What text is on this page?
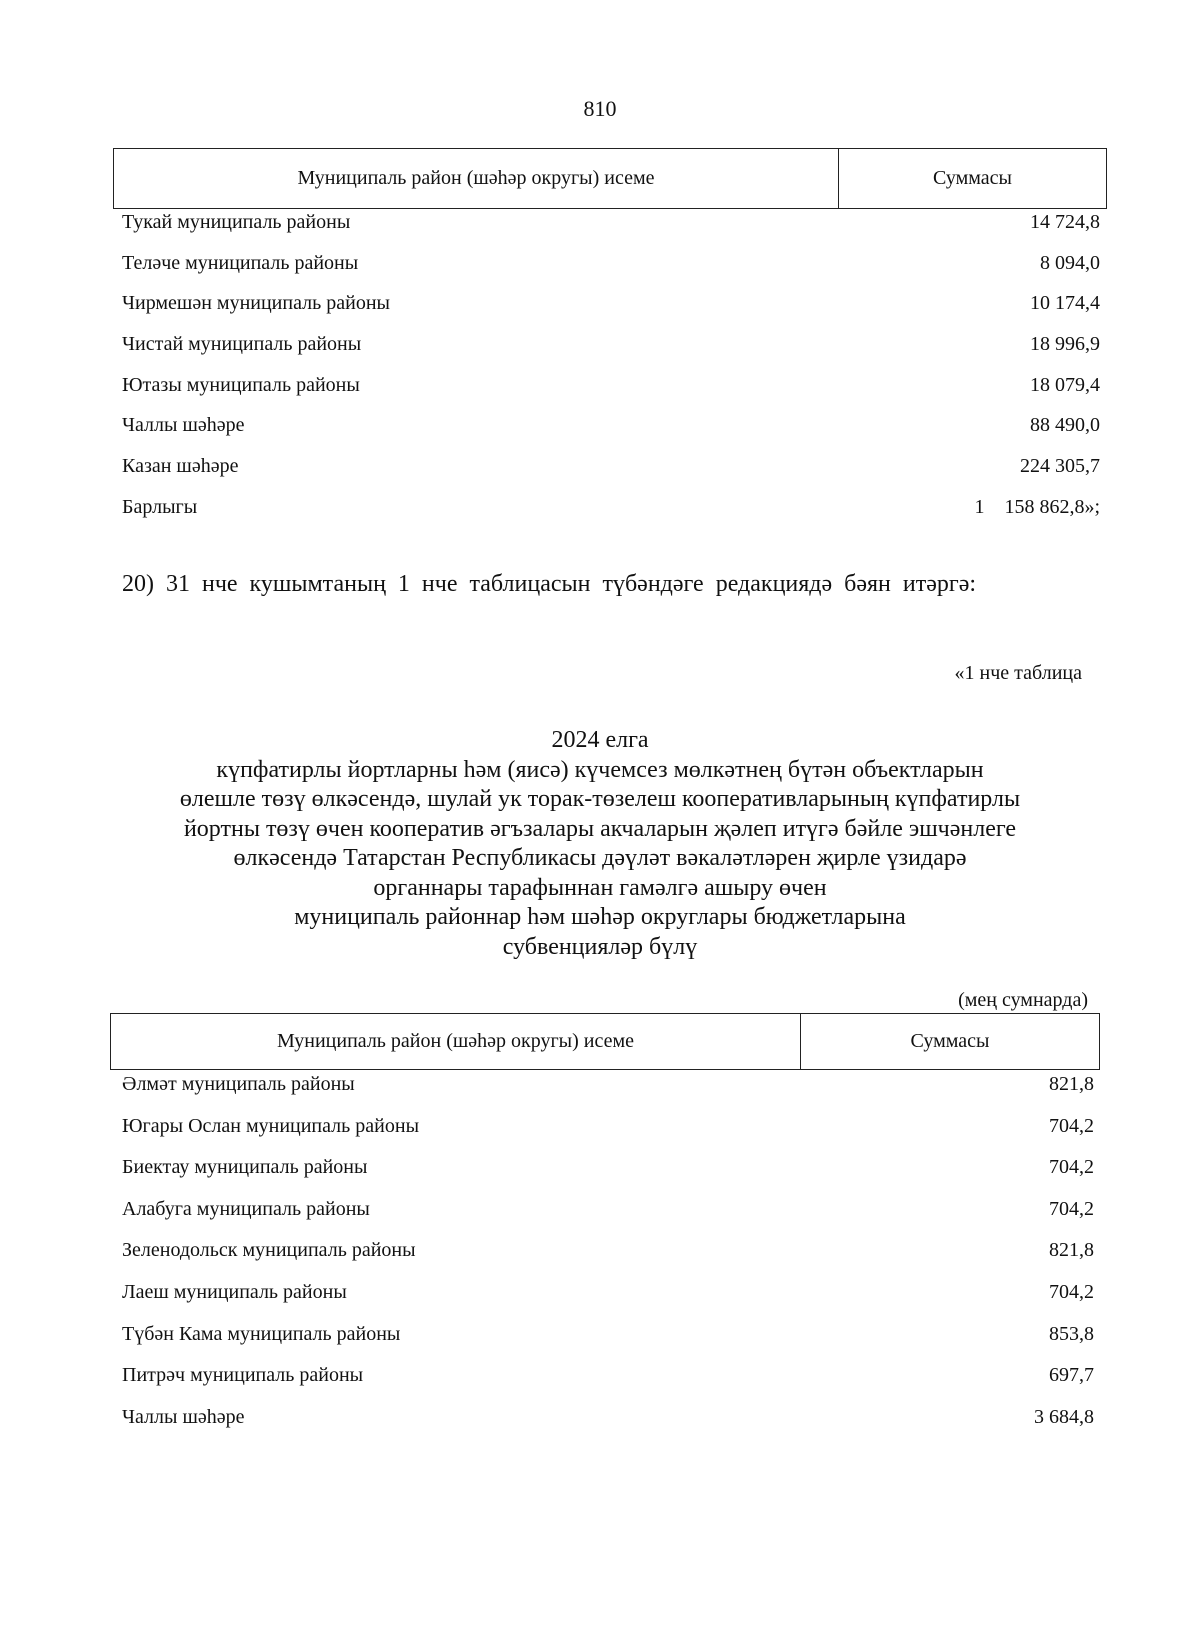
810
Муниципаль район (шәһәр округы) исеме	Суммасы
Тукай муниципаль районы	14 724,8
Теләче муниципаль районы	8 094,0
Чирмешән муниципаль районы	10 174,4
Чистай муниципаль районы	18 996,9
Ютазы муниципаль районы	18 079,4
Чаллы шәһәре	88 490,0
Казан шәһәре	224 305,7
Барлыгы	1 158 862,8»;
20) 31 нче кушымтаның 1 нче таблицасын түбәндәге редакциядә бәян итәргә:
«1 нче таблица
2024 елга
күпфатирлы йортларны һәм (яисә) күчемсез мөлкәтнең бүтән объектларын
өлешле төзү өлкәсендә, шулай ук торак-төзелеш кооперативларының күпфатирлы
йортны төзү өчен кооператив әгъзалары акчаларын җәлеп итүгә бәйле эшчәнлеге
өлкәсендә Татарстан Республикасы дәүләт вәкаләтләрен җирле үзидарә
органнары тарафыннан гамәлгә ашыру өчен
муниципаль районнар һәм шәһәр округлары бюджетларына
субвенцияләр бүлү
(мең сумнарда)
Муниципаль район (шәһәр округы) исеме	Суммасы
Әлмәт муниципаль районы	821,8
Югары Ослан муниципаль районы	704,2
Биектау муниципаль районы	704,2
Алабуга муниципаль районы	704,2
Зеленодольск муниципаль районы	821,8
Лаеш муниципаль районы	704,2
Түбән Кама муниципаль районы	853,8
Питрәч муниципаль районы	697,7
Чаллы шәһәре	3 684,8
